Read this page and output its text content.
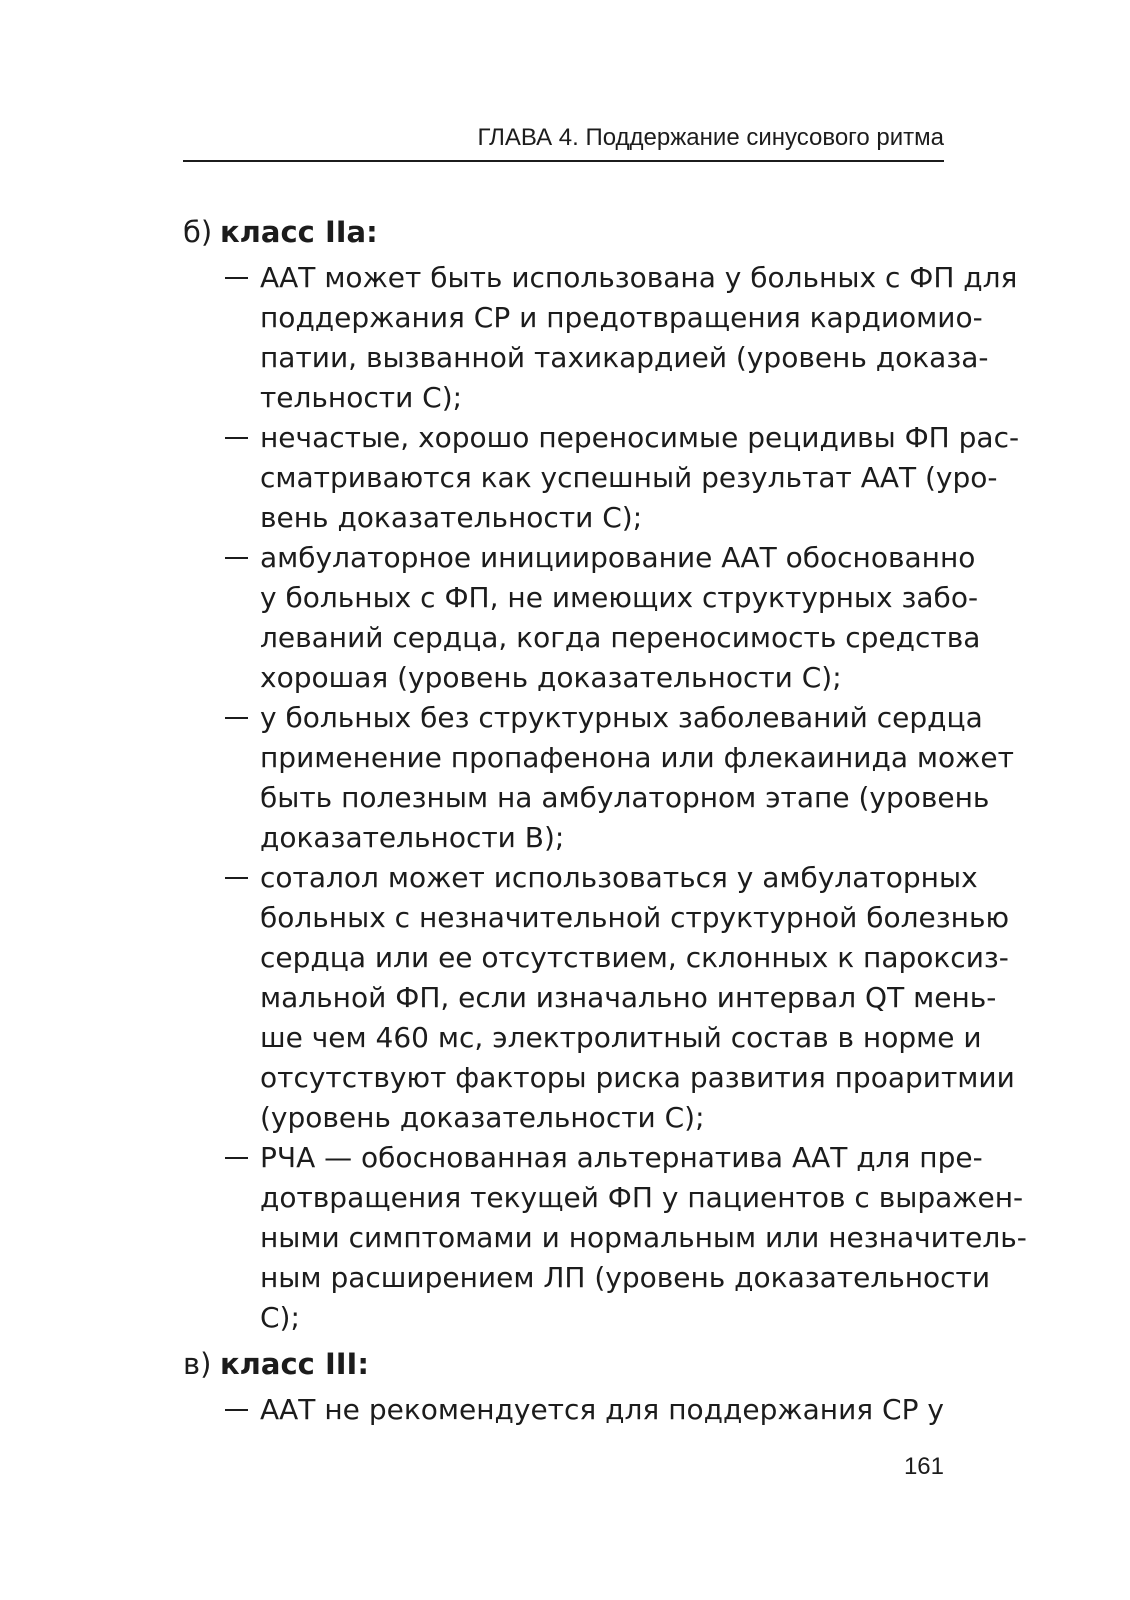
ГЛАВА 4. Поддержание синусового ритма
б) класс IIa:
ААТ может быть использована у больных с ФП для
поддержания СР и предотвращения кардиомио-
патии, вызванной тахикардией (уровень доказа-
тельности С);
нечастые, хорошо переносимые рецидивы ФП рас-
сматриваются как успешный результат ААТ (уро-
вень доказательности С);
амбулаторное инициирование ААТ обоснованно
у больных с ФП, не имеющих структурных забо-
леваний сердца, когда переносимость средства
хорошая (уровень доказательности С);
у больных без структурных заболеваний сердца
применение пропафенона или флекаинида может
быть полезным на амбулаторном этапе (уровень
доказательности В);
соталол может использоваться у амбулаторных
больных с незначительной структурной болезнью
сердца или ее отсутствием, склонных к пароксиз-
мальной ФП, если изначально интервал QT мень-
ше чем 460 мс, электролитный состав в норме и
отсутствуют факторы риска развития проаритмии
(уровень доказательности С);
РЧА — обоснованная альтернатива ААТ для пре-
дотвращения текущей ФП у пациентов с выражен-
ными симптомами и нормальным или незначитель-
ным расширением ЛП (уровень доказательности
С);
в) класс III:
ААТ не рекомендуется для поддержания СР у
161
